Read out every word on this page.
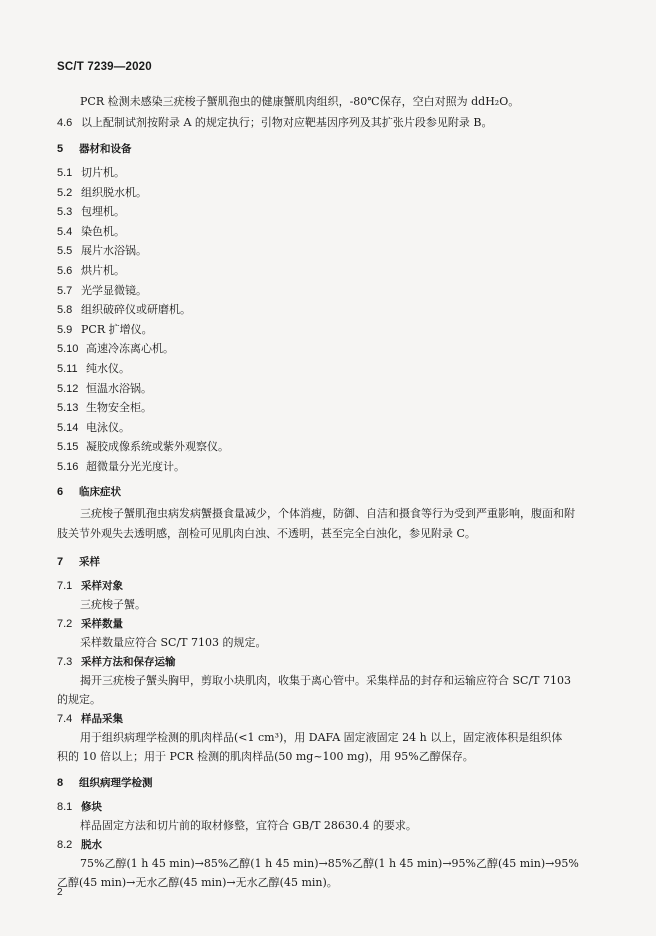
SC/T 7239—2020
PCR 检测未感染三疣梭子蟹肌孢虫的健康蟹肌肉组织，-80℃保存，空白对照为 ddH₂O。
4.6 以上配制试剂按附录 A 的规定执行；引物对应靶基因序列及其扩张片段参见附录 B。
5 器材和设备
5.1 切片机。
5.2 组织脱水机。
5.3 包埋机。
5.4 染色机。
5.5 展片水浴锅。
5.6 烘片机。
5.7 光学显微镜。
5.8 组织破碎仪或研磨机。
5.9 PCR 扩增仪。
5.10 高速冷冻离心机。
5.11 纯水仪。
5.12 恒温水浴锅。
5.13 生物安全柜。
5.14 电泳仪。
5.15 凝胶成像系统或紫外观察仪。
5.16 超微量分光光度计。
6 临床症状
三疣梭子蟹肌孢虫病发病蟹摄食量减少，个体消瘦，防御、自洁和摄食等行为受到严重影响，腹面和附
肢关节外观失去透明感，剖检可见肌肉白浊、不透明，甚至完全白浊化，参见附录 C。
7 采样
7.1 采样对象
三疣梭子蟹。
7.2 采样数量
采样数量应符合 SC/T 7103 的规定。
7.3 采样方法和保存运输
揭开三疣梭子蟹头胸甲，剪取小块肌肉，收集于离心管中。采集样品的封存和运输应符合 SC/T 7103
的规定。
7.4 样品采集
用于组织病理学检测的肌肉样品(<1 cm³)，用 DAFA 固定液固定 24 h 以上，固定液体积是组织体
积的 10 倍以上；用于 PCR 检测的肌肉样品(50 mg~100 mg)，用 95%乙醇保存。
8 组织病理学检测
8.1 修块
样品固定方法和切片前的取材修整，宜符合 GB/T 28630.4 的要求。
8.2 脱水
75%乙醇(1 h 45 min)→85%乙醇(1 h 45 min)→85%乙醇(1 h 45 min)→95%乙醇(45 min)→95%
乙醇(45 min)→无水乙醇(45 min)→无水乙醇(45 min)。
2
